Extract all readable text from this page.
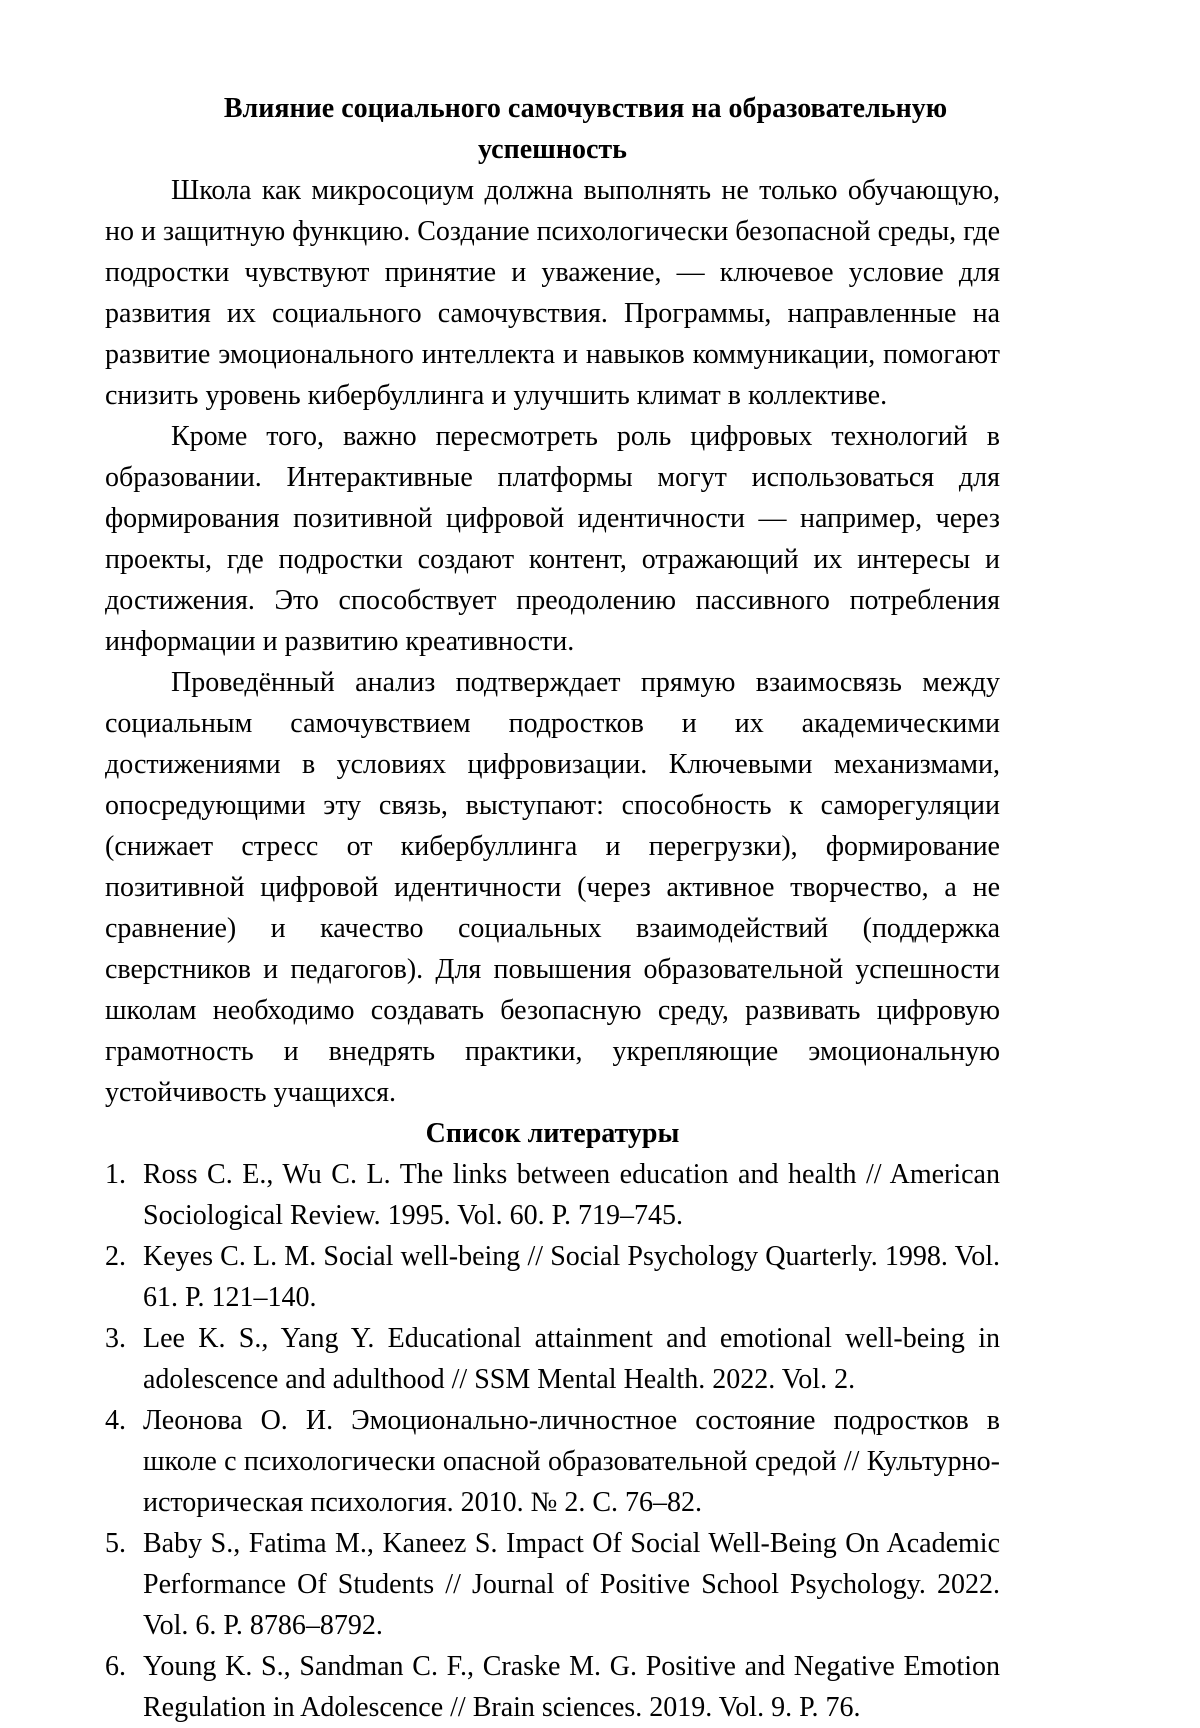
Влияние социального самочувствия на образовательную успешность

Школа как микросоциум должна выполнять не только обучающую, но и защитную функцию. Создание психологически безопасной среды, где подростки чувствуют принятие и уважение, — ключевое условие для развития их социального самочувствия. Программы, направленные на развитие эмоционального интеллекта и навыков коммуникации, помогают снизить уровень кибербуллинга и улучшить климат в коллективе.

Кроме того, важно пересмотреть роль цифровых технологий в образовании. Интерактивные платформы могут использоваться для формирования позитивной цифровой идентичности — например, через проекты, где подростки создают контент, отражающий их интересы и достижения. Это способствует преодолению пассивного потребления информации и развитию креативности.

Проведённый анализ подтверждает прямую взаимосвязь между социальным самочувствием подростков и их академическими достижениями в условиях цифровизации. Ключевыми механизмами, опосредующими эту связь, выступают: способность к саморегуляции (снижает стресс от кибербуллинга и перегрузки), формирование позитивной цифровой идентичности (через активное творчество, а не сравнение) и качество социальных взаимодействий (поддержка сверстников и педагогов). Для повышения образовательной успешности школам необходимо создавать безопасную среду, развивать цифровую грамотность и внедрять практики, укрепляющие эмоциональную устойчивость учащихся.

Список литературы
1. Ross C. E., Wu C. L. The links between education and health // American Sociological Review. 1995. Vol. 60. P. 719–745.
2. Keyes C. L. M. Social well-being // Social Psychology Quarterly. 1998. Vol. 61. P. 121–140.
3. Lee K. S., Yang Y. Educational attainment and emotional well-being in adolescence and adulthood // SSM Mental Health. 2022. Vol. 2.
4. Леонова О. И. Эмоционально-личностное состояние подростков в школе с психологически опасной образовательной средой // Культурно-историческая психология. 2010. № 2. С. 76–82.
5. Baby S., Fatima M., Kaneez S. Impact Of Social Well-Being On Academic Performance Of Students // Journal of Positive School Psychology. 2022. Vol. 6. P. 8786–8792.
6. Young K. S., Sandman C. F., Craske M. G. Positive and Negative Emotion Regulation in Adolescence // Brain sciences. 2019. Vol. 9. P. 76.
